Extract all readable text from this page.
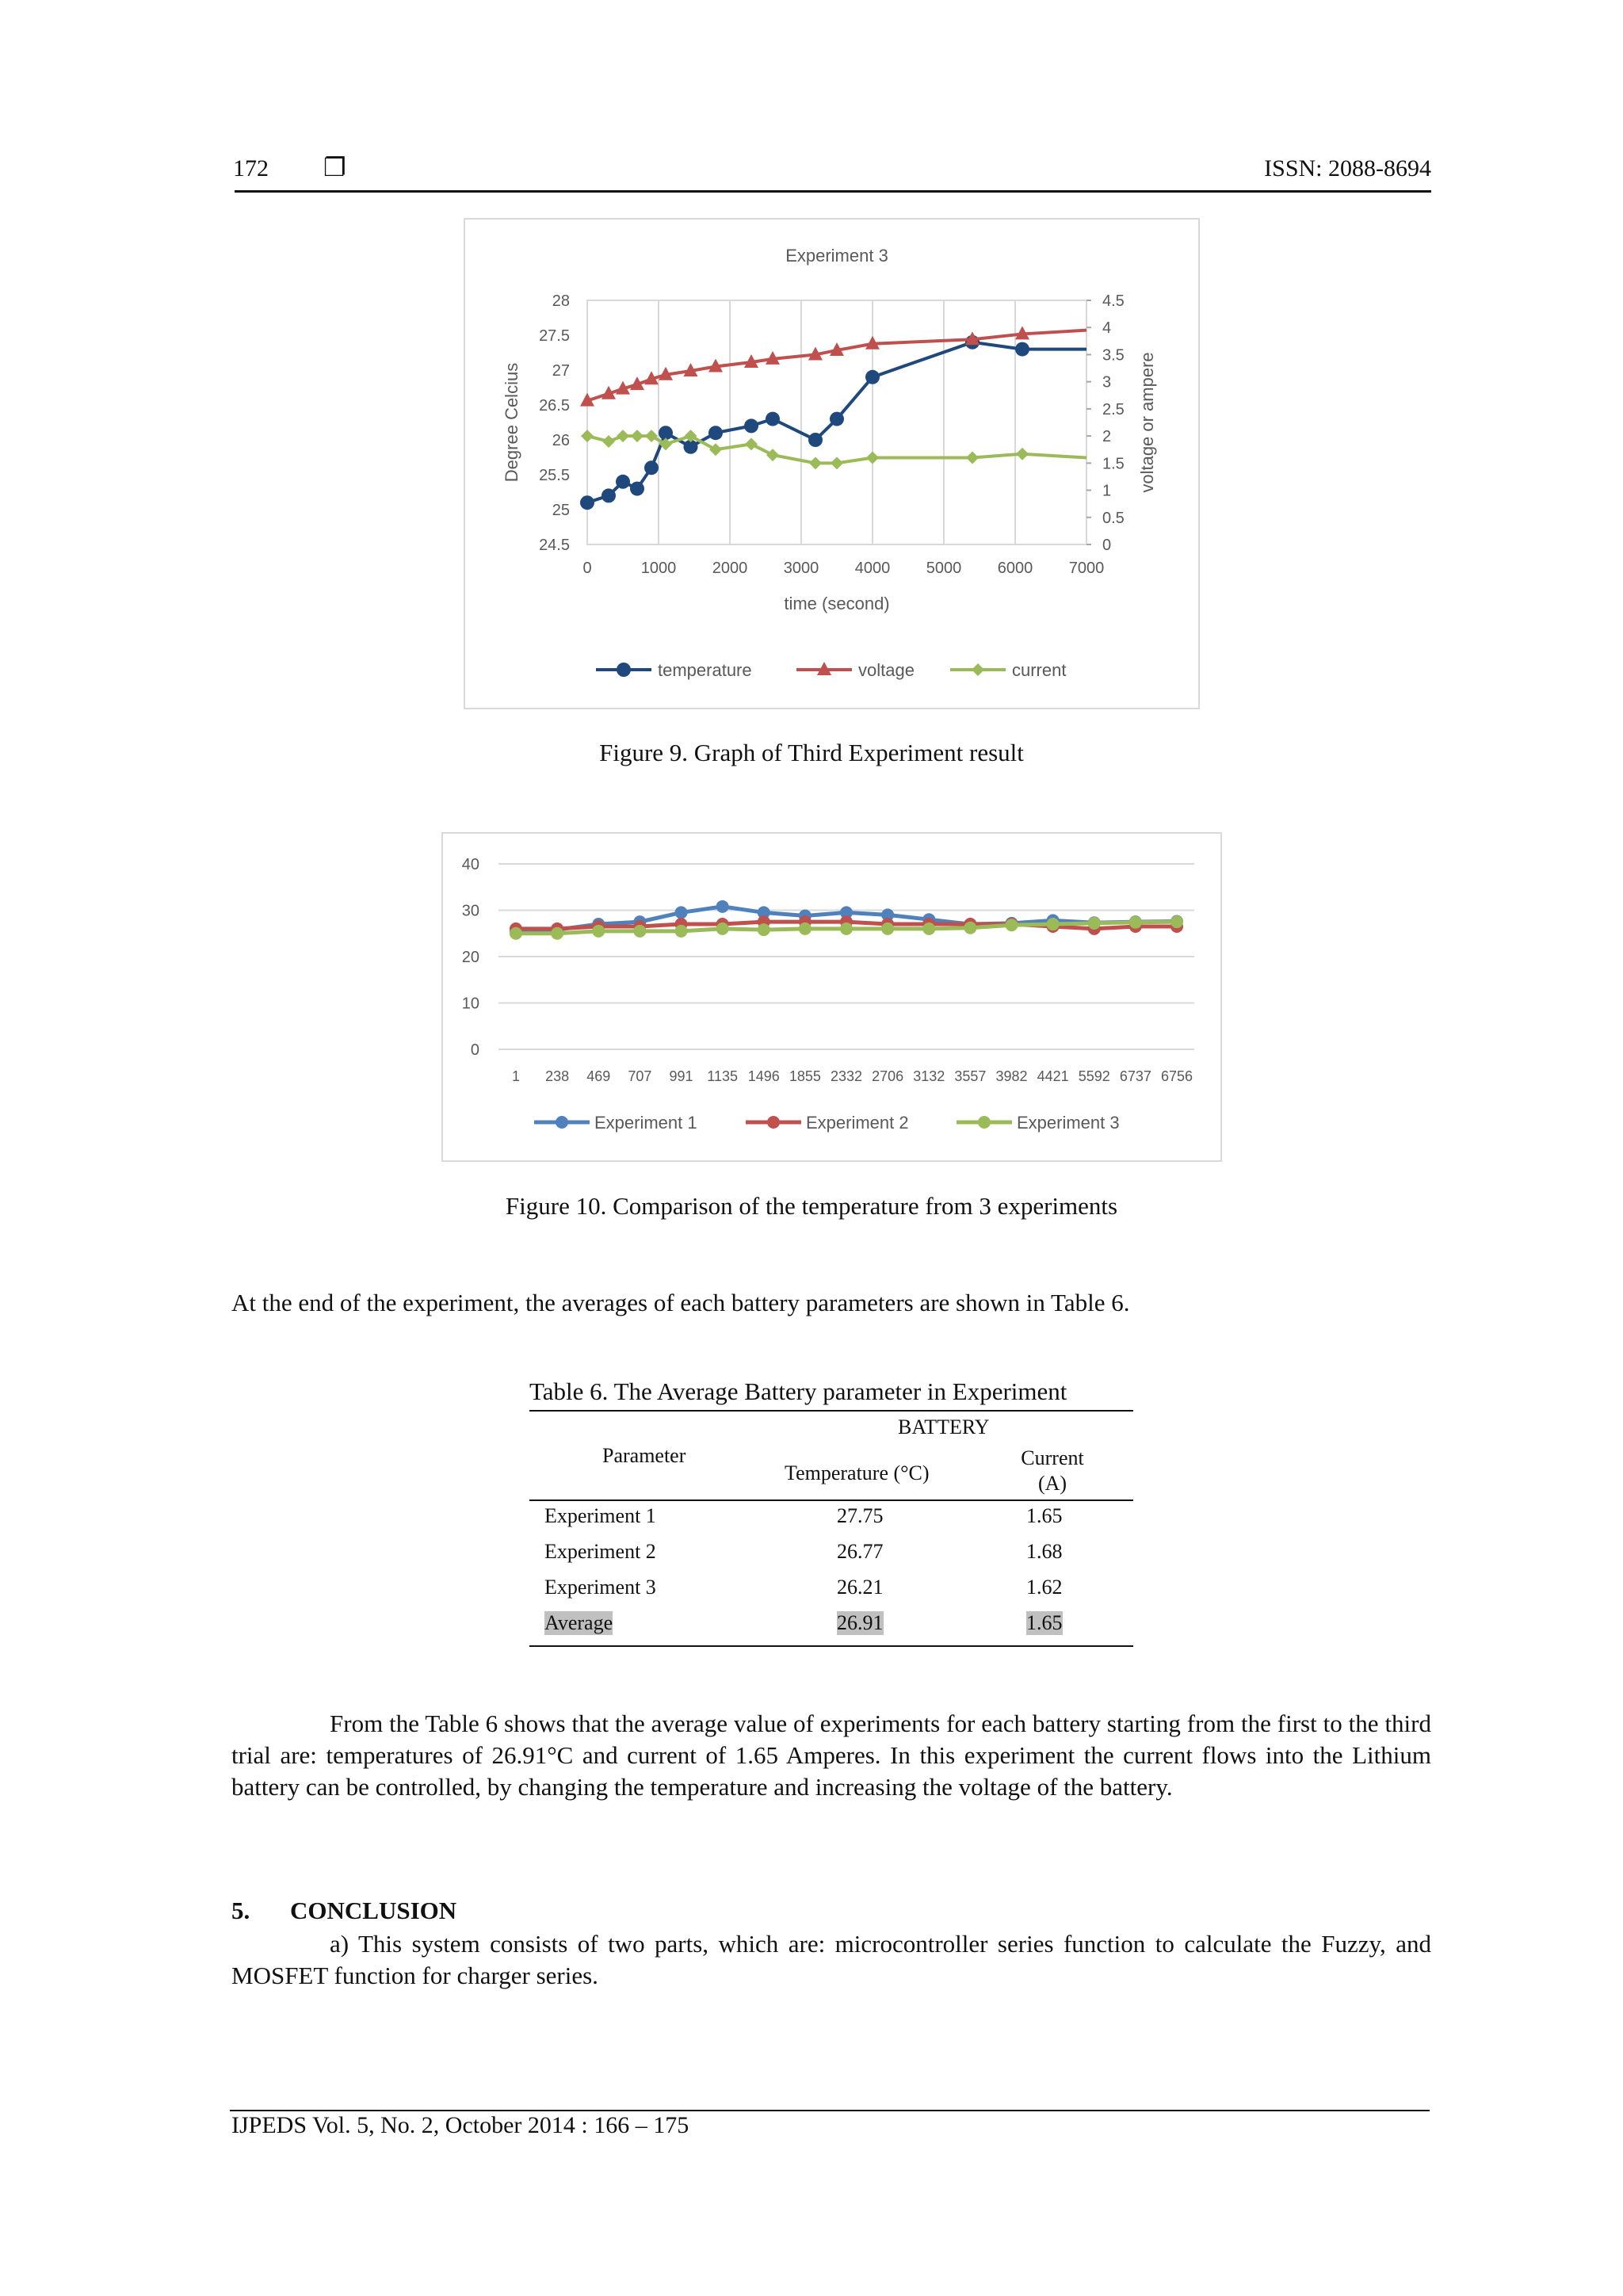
172 ❐	ISSN: 2088-8694
Experiment 3
0	1000 2000 3000 4000 5000 6000 7000
24.5
25
25.5
26
26.5
27
27.5
28
0
0.5
1
1.5
2
2.5
3
3.5
4
4.5
time (second)
Degree Celcius	voltage or ampere
temperature	voltage	current
Figure 9. Graph of Third Experiment result
0
10
20
30
40
1 238 469 707 991 1135 1496 1855 2332 2706 3132 3557 3982 4421 5592 6737 6756
Experiment 1	Experiment 2	Experiment 3
Figure 10. Comparison of the temperature from 3 experiments
At the end of the experiment, the averages of each battery parameters are shown in Table 6.
Table 6. The Average Battery parameter in Experiment
BATTERY
Parameter
Temperature (°C)
Current (A)
Experiment 1	27.75	1.65
Experiment 2	26.77	1.68
Experiment 3	26.21	1.62
Average	26.91	1.65
From the Table 6 shows that the average value of experiments for each battery starting from the first to the third trial are: temperatures of 26.91°C and current of 1.65 Amperes. In this experiment the current flows into the Lithium battery can be controlled, by changing the temperature and increasing the voltage of the battery.
5. CONCLUSION
a) This system consists of two parts, which are: microcontroller series function to calculate the Fuzzy, and MOSFET function for charger series.
IJPEDS Vol. 5, No. 2, October 2014 : 166 – 175
